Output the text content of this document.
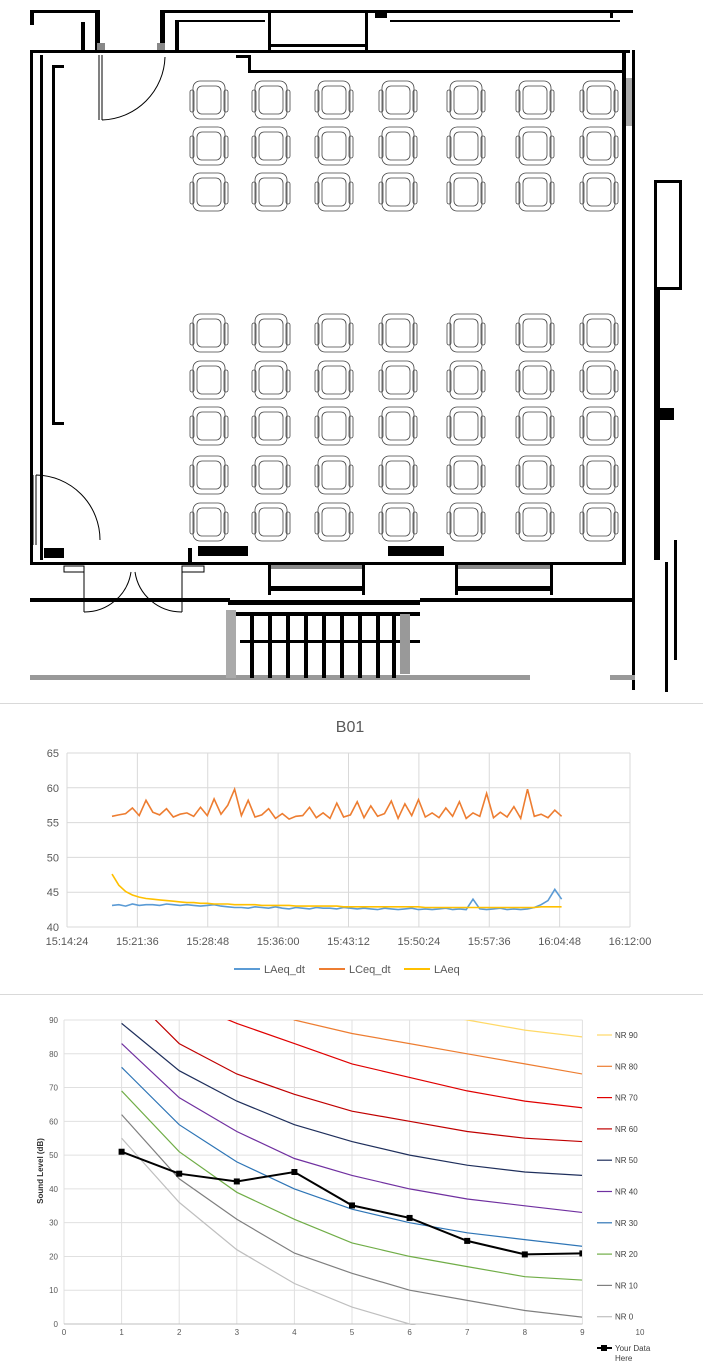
B01
40
45
50
55
60
65
15:14:24	15:21:36	15:28:48	15:36:00	15:43:12	15:50:24	15:57:36	16:04:48	16:12:00
LAeq_dt	LCeq_dt	LAeq
0
10
20
30
40
50
60
70
80
90
0	1	2	3	4	5	6	7	8	9	10
Sound Level (dB)
NR 90
NR 80
NR 70
NR 60
NR 50
NR 40
NR 30
NR 20
NR 10
NR 0
Your Data
Here
